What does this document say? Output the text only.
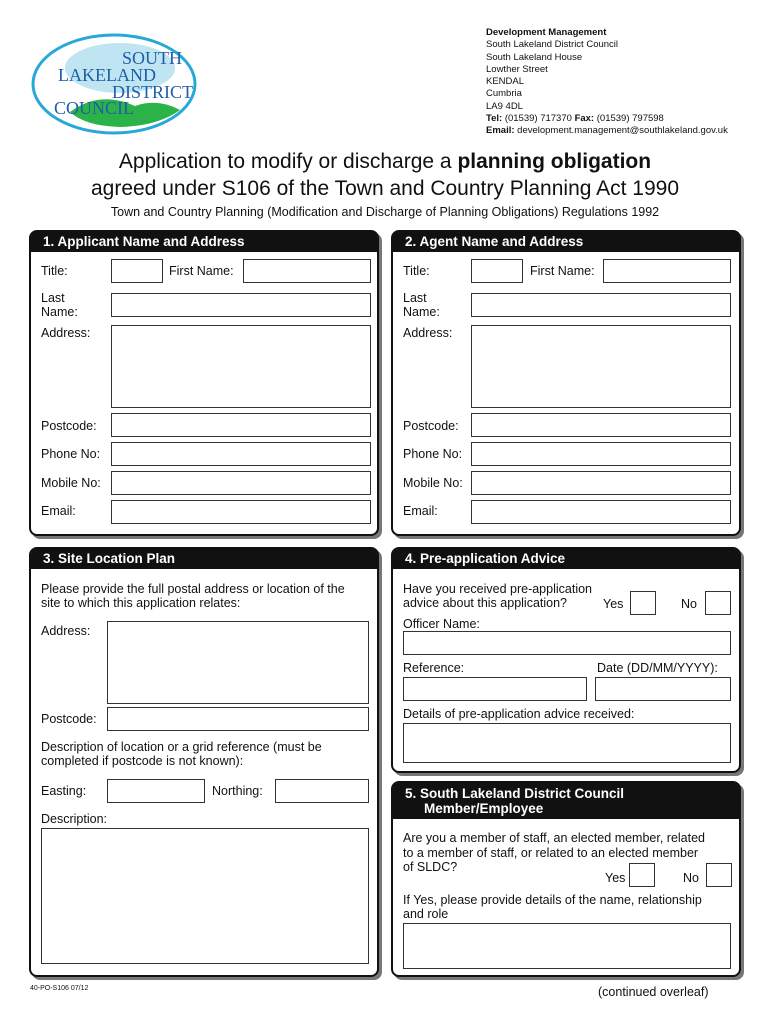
SOUTH
LAKELAND
DISTRICT
COUNCIL
Development Management
South Lakeland District Council
South Lakeland House
Lowther Street
KENDAL
Cumbria
LA9 4DL
Tel: (01539) 717370 Fax: (01539) 797598
Email: development.management@southlakeland.gov.uk
Application to modify or discharge a planning obligation
agreed under S106 of the Town and Country Planning Act 1990
Town and Country Planning (Modification and Discharge of Planning Obligations) Regulations 1992
1. Applicant Name and Address
Title:	First Name:
Last
Name:
Address:
Postcode:
Phone No:
Mobile No:
Email:
2. Agent Name and Address
Title:	First Name:
Last
Name:
Address:
Postcode:
Phone No:
Mobile No:
Email:
3. Site Location Plan
Please provide the full postal address or location of the
site to which this application relates:
Address:
Postcode:
Description of location or a grid reference (must be
completed if postcode is not known):
Easting:	Northing:
Description:
4. Pre-application Advice
Have you received pre-application
advice about this application?	Yes	No
Officer Name:
Reference:	Date (DD/MM/YYYY):
Details of pre-application advice received:
5. South Lakeland District Council
Member/Employee
Are you a member of staff, an elected member, related
to a member of staff, or related to an elected member
of SLDC?
Yes	No
If Yes, please provide details of the name, relationship
and role
40-PO-S106 07/12	(continued overleaf)
